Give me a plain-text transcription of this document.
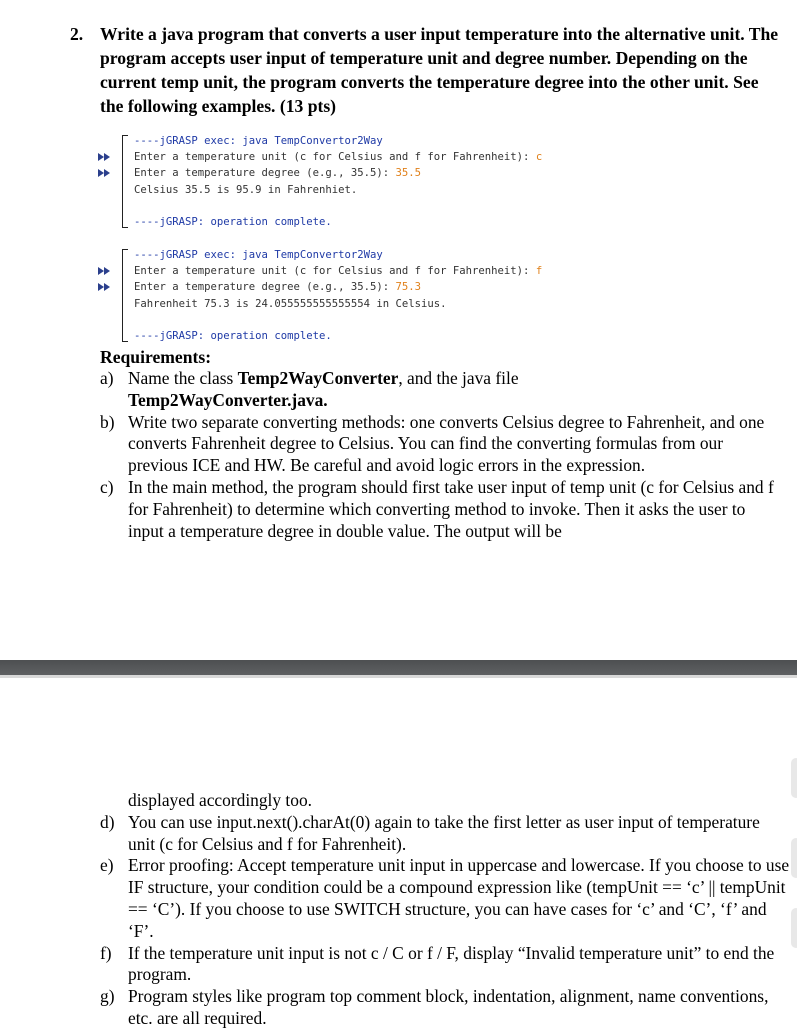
2. Write a java program that converts a user input temperature into the alternative unit. The program accepts user input of temperature unit and degree number. Depending on the current temp unit, the program converts the temperature degree into the other unit. See the following examples. (13 pts)
----jGRASP exec: java TempConvertor2Way
Enter a temperature unit (c for Celsius and f for Fahrenheit): c
Enter a temperature degree (e.g., 35.5): 35.5
Celsius 35.5 is 95.9 in Fahrenhiet.
----jGRASP: operation complete.
----jGRASP exec: java TempConvertor2Way
Enter a temperature unit (c for Celsius and f for Fahrenheit): f
Enter a temperature degree (e.g., 35.5): 75.3
Fahrenheit 75.3 is 24.055555555555554 in Celsius.
----jGRASP: operation complete.
Requirements:
a) Name the class Temp2WayConverter, and the java file
Temp2WayConverter.java.
b) Write two separate converting methods: one converts Celsius degree to Fahrenheit, and one converts Fahrenheit degree to Celsius. You can find the converting formulas from our previous ICE and HW. Be careful and avoid logic errors in the expression.
c) In the main method, the program should first take user input of temp unit (c for Celsius and f for Fahrenheit) to determine which converting method to invoke. Then it asks the user to input a temperature degree in double value. The output will be
displayed accordingly too.
d) You can use input.next().charAt(0) again to take the first letter as user input of temperature unit (c for Celsius and f for Fahrenheit).
e) Error proofing: Accept temperature unit input in uppercase and lowercase. If you choose to use IF structure, your condition could be a compound expression like (tempUnit == ‘c’ || tempUnit == ‘C’). If you choose to use SWITCH structure, you can have cases for ‘c’ and ‘C’, ‘f’ and ‘F’.
f) If the temperature unit input is not c / C or f / F, display “Invalid temperature unit” to end the program.
g) Program styles like program top comment block, indentation, alignment, name conventions, etc. are all required.
